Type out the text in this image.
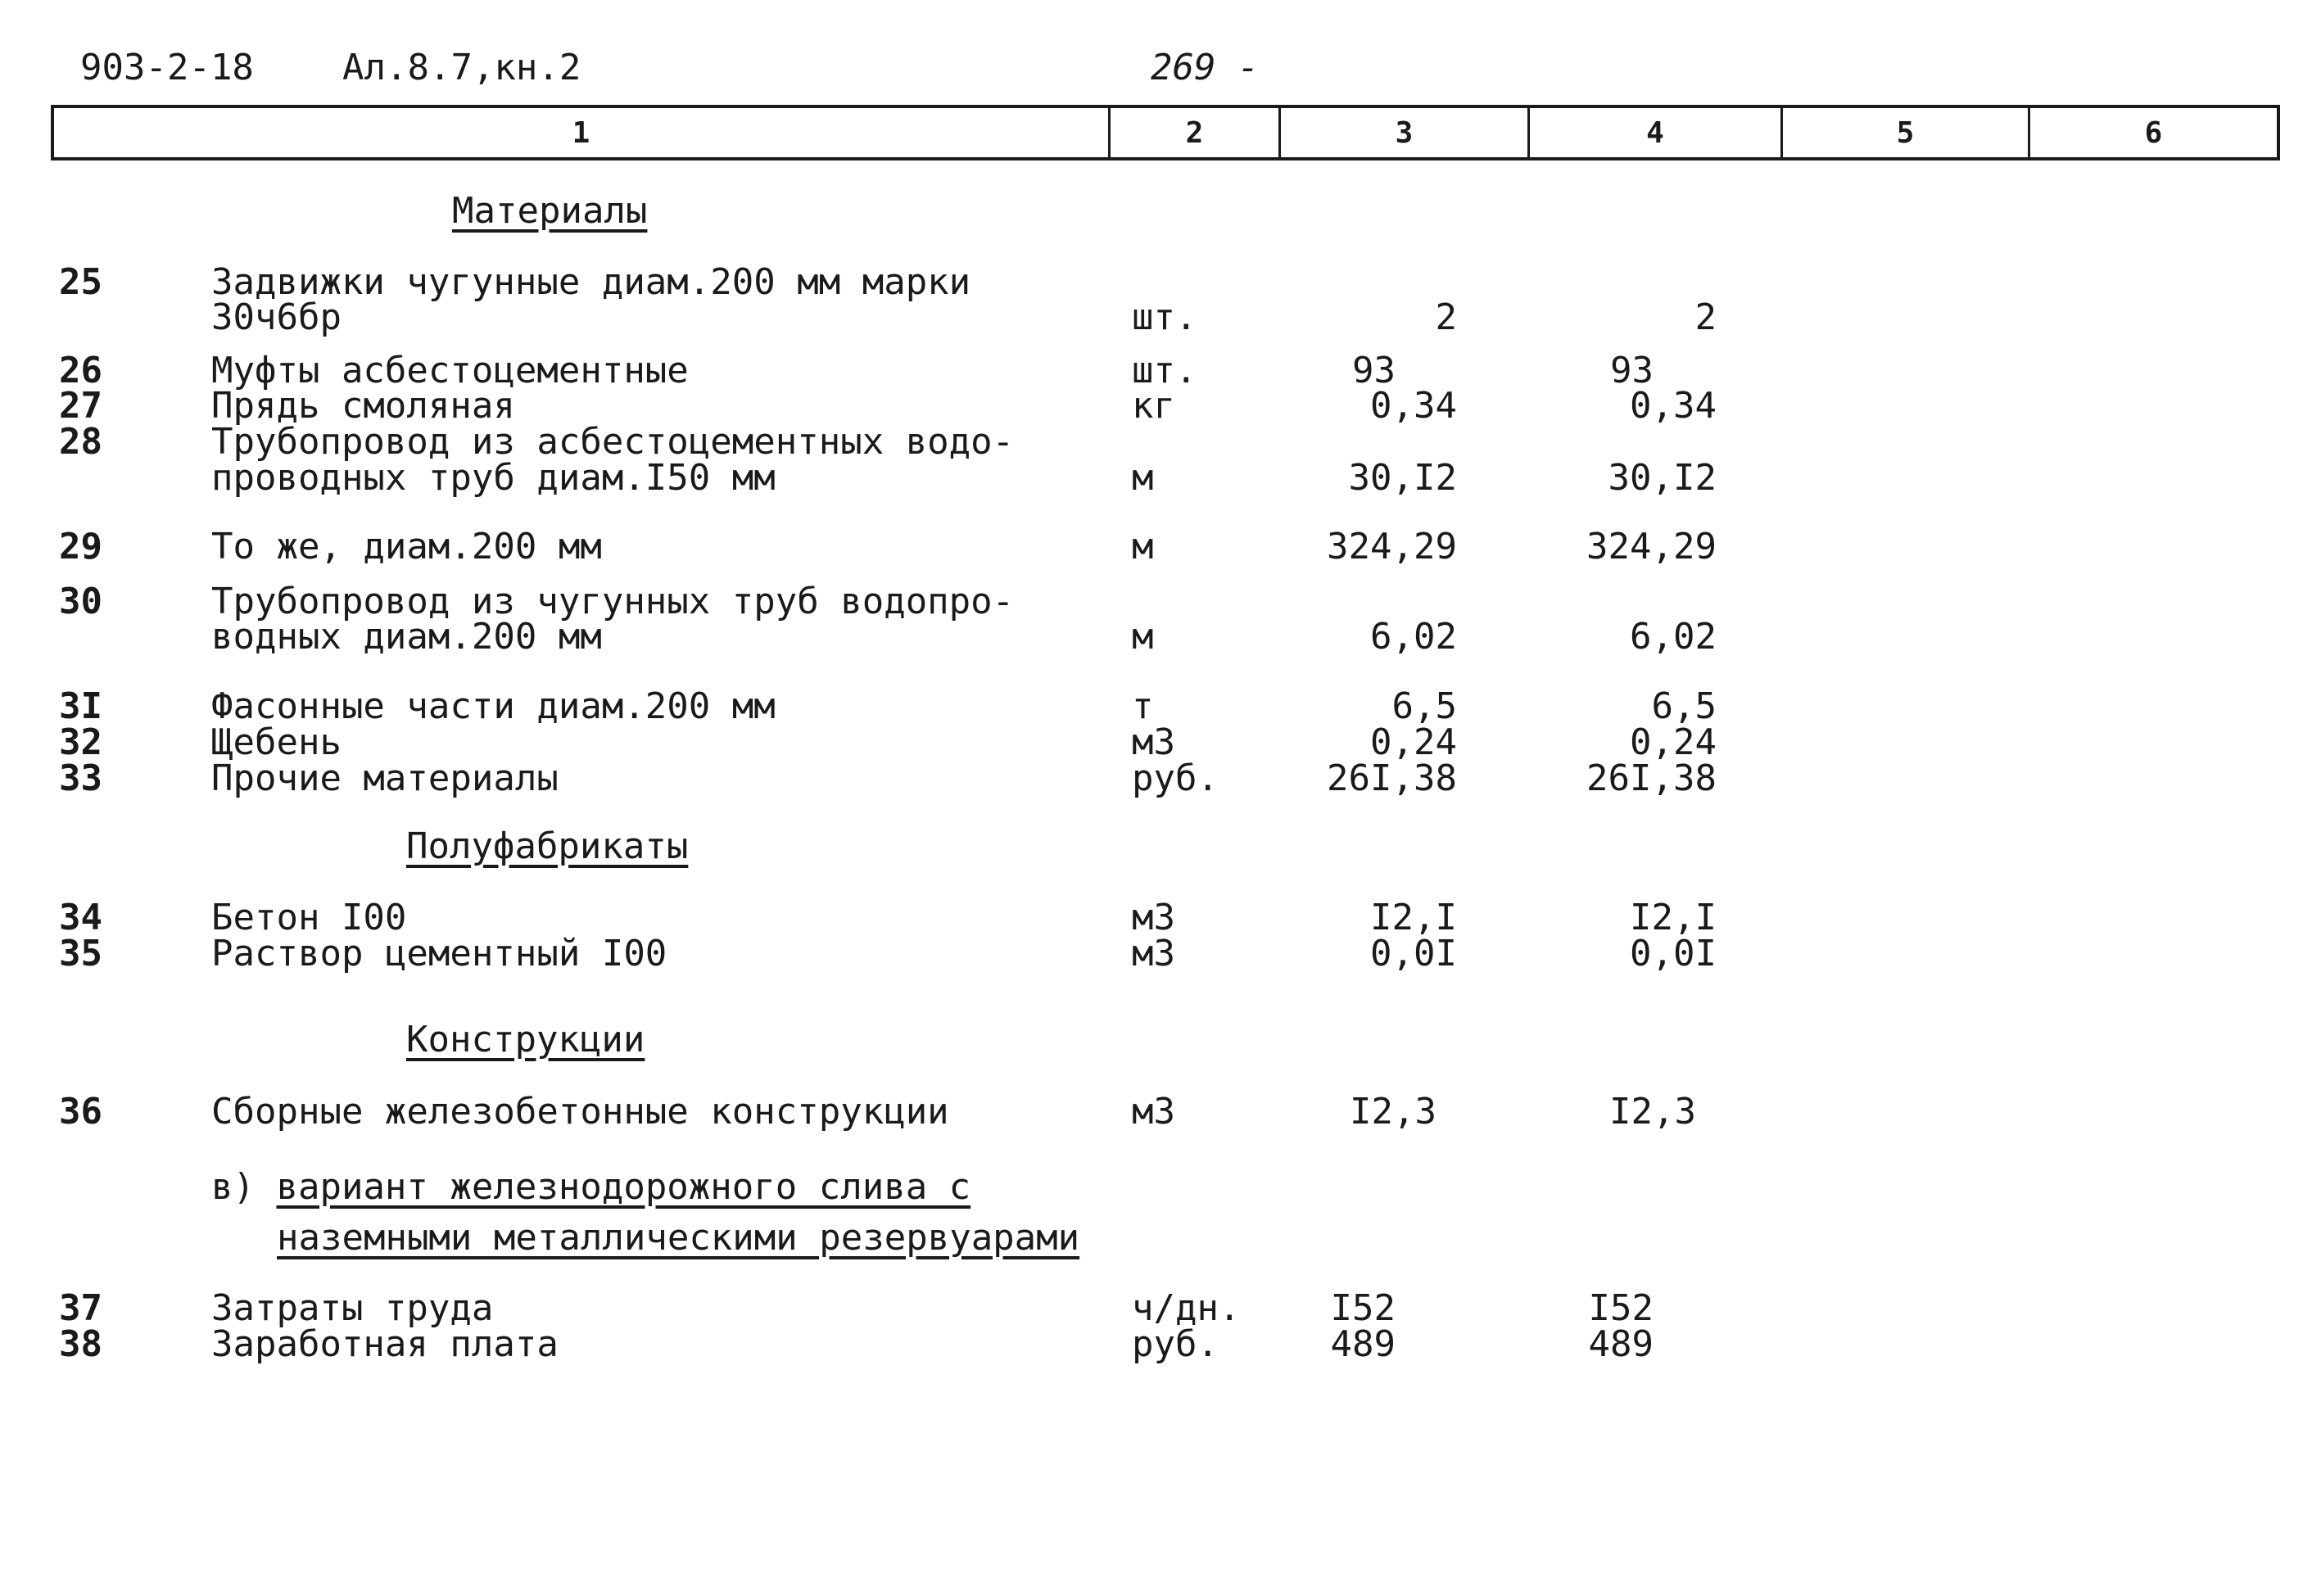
903-2-18 Ал.8.7,кн.2	269 -
1	2	3	4	5	6
Материалы
25	Задвижки чугунные диам.200 мм марки
30ч6бр	шт.	2	2
26	Муфты асбестоцементные	шт.	93	93
27	Прядь смоляная	кг	0,34	0,34
28	Трубопровод из асбестоцементных водо-
проводных труб диам.I50 мм	м	30,I2	30,I2
29	То же, диам.200 мм	м	324,29	324,29
30	Трубопровод из чугунных труб водопро-
водных диам.200 мм	м	6,02	6,02
3I	Фасонные части диам.200 мм	т	6,5	6,5
32	Щебень	м3	0,24	0,24
33	Прочие материалы	руб.	26I,38	26I,38
Полуфабрикаты
34	Бетон I00	м3	I2,I	I2,I
35	Раствор цементный I00	м3	0,0I	0,0I
Конструкции
36	Сборные железобетонные конструкции	м3	I2,3	I2,3
в) вариант железнодорожного слива с
наземными металлическими резервуарами
37	Затраты труда	ч/дн.	I52	I52
38	Заработная плата	руб.	489	489
